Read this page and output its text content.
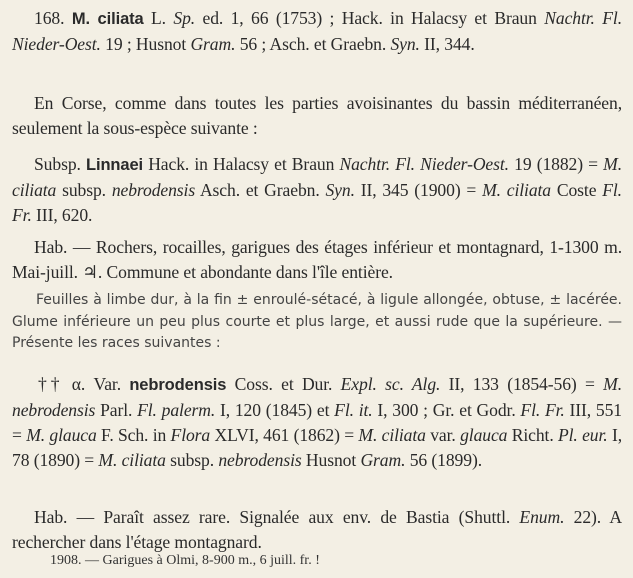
168. M. ciliata L. Sp. ed. 1, 66 (1753) ; Hack. in Halacsy et Braun Nachtr. Fl. Nieder-Oest. 19 ; Husnot Gram. 56 ; Asch. et Graebn. Syn. II, 344.
En Corse, comme dans toutes les parties avoisinantes du bassin méditerranéen, seulement la sous-espèce suivante :
Subsp. Linnaei Hack. in Halacsy et Braun Nachtr. Fl. Nieder-Oest. 19 (1882) = M. ciliata subsp. nebrodensis Asch. et Graebn. Syn. II, 345 (1900) = M. ciliata Coste Fl. Fr. III, 620.
Hab. — Rochers, rocailles, garigues des étages inférieur et montagnard, 1-1300 m. Mai-juill. ♃. Commune et abondante dans l'île entière.
Feuilles à limbe dur, à la fin ± enroulé-sétacé, à ligule allongée, obtuse, ± lacérée. Glume inférieure un peu plus courte et plus large, et aussi rude que la supérieure. — Présente les races suivantes :
†† α. Var. nebrodensis Coss. et Dur. Expl. sc. Alg. II, 133 (1854-56) = M. nebrodensis Parl. Fl. palerm. I, 120 (1845) et Fl. it. I, 300 ; Gr. et Godr. Fl. Fr. III, 551 = M. glauca F. Sch. in Flora XLVI, 461 (1862) = M. ciliata var. glauca Richt. Pl. eur. I, 78 (1890) = M. ciliata subsp. nebrodensis Husnot Gram. 56 (1899).
Hab. — Paraît assez rare. Signalée aux env. de Bastia (Shuttl. Enum. 22). A rechercher dans l'étage montagnard.
1908. — Garigues à Olmi, 8-900 m., 6 juill. fr. !
